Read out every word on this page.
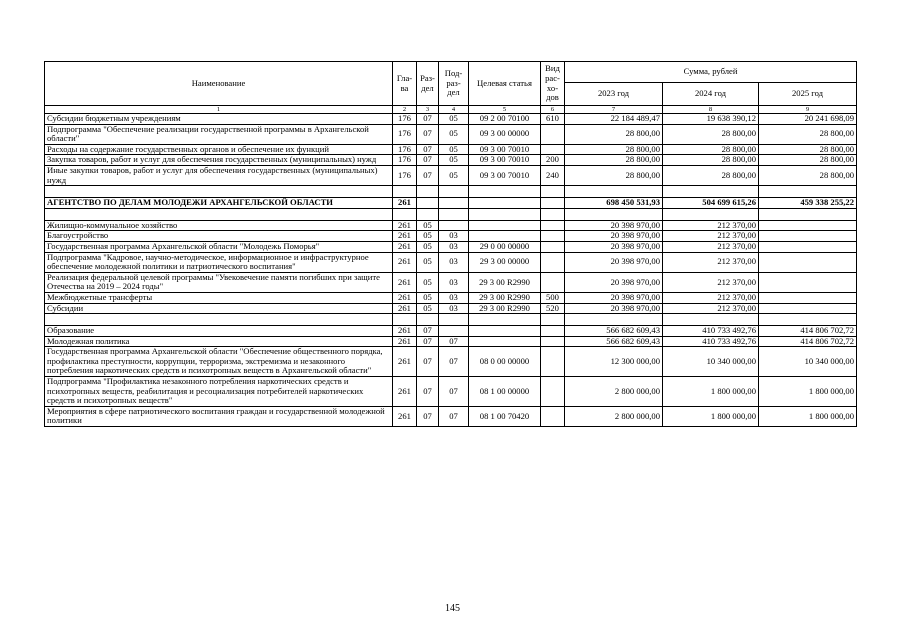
Наименование	Гла-ва	Раз-дел	Под-раз-дел	Целевая статья	Вид рас-хо-дов	Сумма, рублей		
						2023 год	2024 год	2025 год
1	2	3	4	5	6	7	8	9
Субсидии бюджетным учреждениям	176	07	05	09 2 00 70100	610	22 184 489,47	19 638 390,12	20 241 698,09
Подпрограмма "Обеспечение реализации государственной программы в Архангельской области"	176	07	05	09 3 00 00000		28 800,00	28 800,00	28 800,00
Расходы на содержание государственных органов и обеспечение их функций	176	07	05	09 3 00 70010		28 800,00	28 800,00	28 800,00
Закупка товаров, работ и услуг для обеспечения государственных (муниципальных) нужд	176	07	05	09 3 00 70010	200	28 800,00	28 800,00	28 800,00
Иные закупки товаров, работ и услуг для обеспечения государственных (муниципальных) нужд	176	07	05	09 3 00 70010	240	28 800,00	28 800,00	28 800,00

АГЕНТСТВО ПО ДЕЛАМ МОЛОДЕЖИ АРХАНГЕЛЬСКОЙ ОБЛАСТИ	261					698 450 531,93	504 699 615,26	459 338 255,22

Жилищно-коммунальное хозяйство	261	05				20 398 970,00	212 370,00	
Благоустройство	261	05	03			20 398 970,00	212 370,00	
Государственная программа Архангельской области "Молодежь Поморья"	261	05	03	29 0 00 00000		20 398 970,00	212 370,00	
Подпрограмма "Кадровое, научно-методическое, информационное и инфраструктурное обеспечение молодежной политики и патриотического воспитания"	261	05	03	29 3 00 00000		20 398 970,00	212 370,00	
Реализация федеральной целевой программы "Увековечение памяти погибших при защите Отечества на 2019 – 2024 годы"	261	05	03	29 3 00 R2990		20 398 970,00	212 370,00	
Межбюджетные трансферты	261	05	03	29 3 00 R2990	500	20 398 970,00	212 370,00	
Субсидии	261	05	03	29 3 00 R2990	520	20 398 970,00	212 370,00	

Образование	261	07				566 682 609,43	410 733 492,76	414 806 702,72
Молодежная политика	261	07	07			566 682 609,43	410 733 492,76	414 806 702,72
Государственная программа Архангельской области "Обеспечение общественного порядка, профилактика преступности, коррупции, терроризма, экстремизма и незаконного потребления наркотических средств и психотропных веществ в Архангельской области"	261	07	07	08 0 00 00000		12 300 000,00	10 340 000,00	10 340 000,00
Подпрограмма "Профилактика незаконного потребления наркотических средств и психотропных веществ, реабилитация и ресоциализация потребителей наркотических средств и психотропных веществ"	261	07	07	08 1 00 00000		2 800 000,00	1 800 000,00	1 800 000,00
Мероприятия в сфере патриотического воспитания граждан и государственной молодежной политики	261	07	07	08 1 00 70420		2 800 000,00	1 800 000,00	1 800 000,00
145
